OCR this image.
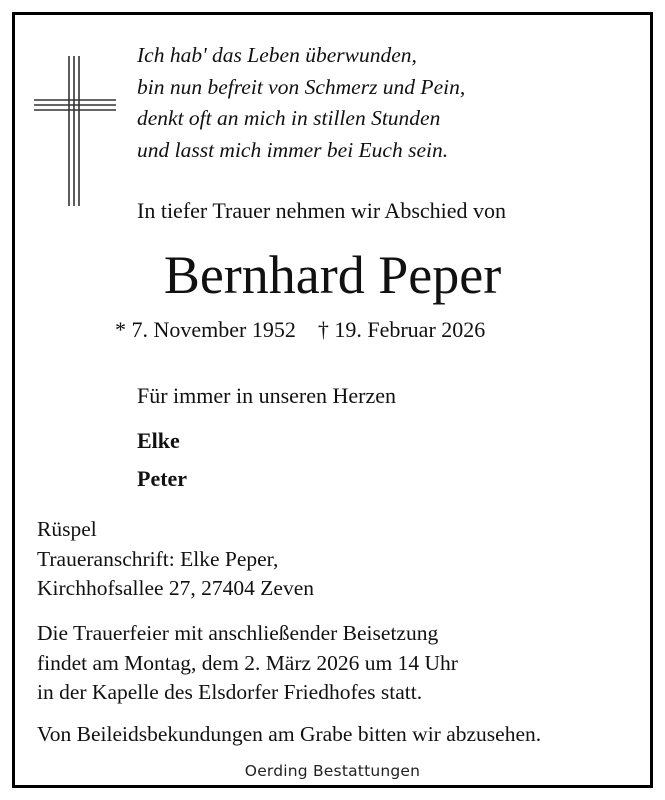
Ich hab' das Leben überwunden,
bin nun befreit von Schmerz und Pein,
denkt oft an mich in stillen Stunden
und lasst mich immer bei Euch sein.
In tiefer Trauer nehmen wir Abschied von
Bernhard Peper
* 7. November 1952 † 19. Februar 2026
Für immer in unseren Herzen
Elke
Peter
Rüspel
Traueranschrift: Elke Peper,
Kirchhofsallee 27, 27404 Zeven
Die Trauerfeier mit anschließender Beisetzung
findet am Montag, dem 2. März 2026 um 14 Uhr
in der Kapelle des Elsdorfer Friedhofes statt.
Von Beileidsbekundungen am Grabe bitten wir abzusehen.
Oerding Bestattungen
